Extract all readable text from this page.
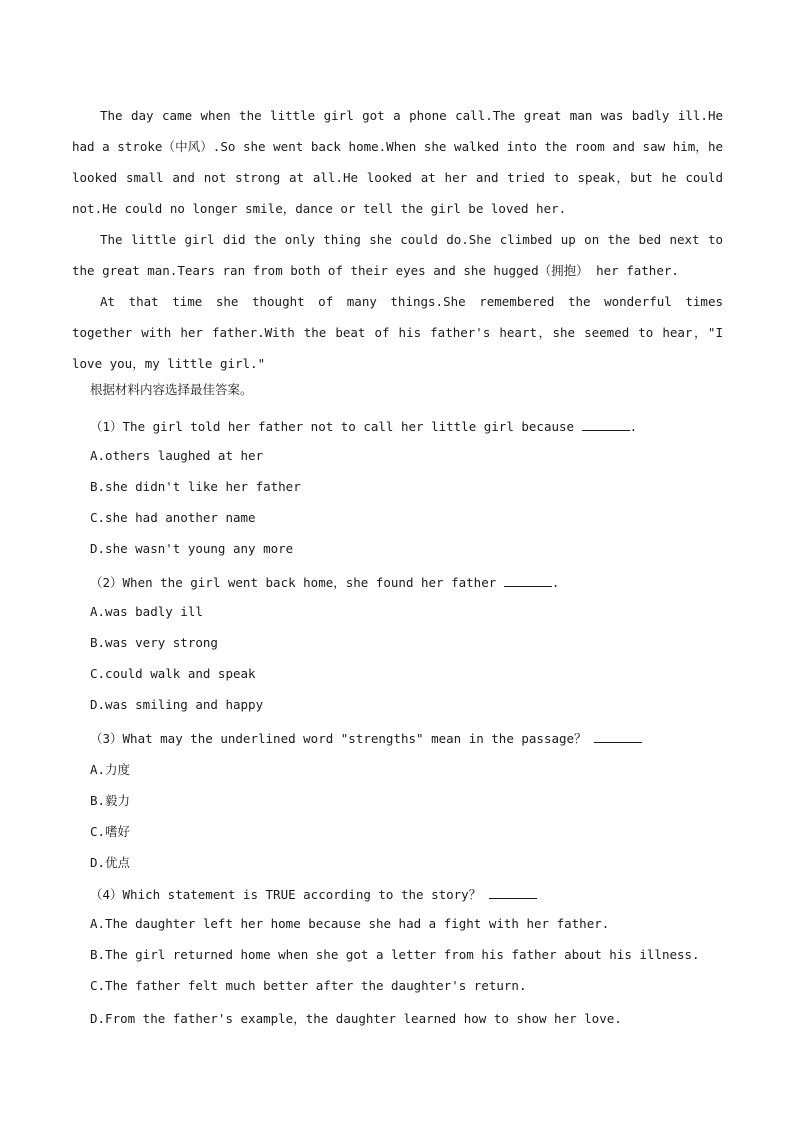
The day came when the little girl got a phone call.The great man was badly ill.He had a stroke（中风）.So she went back home.When she walked into the room and saw him，he looked small and not strong at all.He looked at her and tried to speak，but he could not.He could no longer smile，dance or tell the girl be loved her.

The little girl did the only thing she could do.She climbed up on the bed next to the great man.Tears ran from both of their eyes and she hugged（拥抱） her father.

At that time she thought of many things.She remembered the wonderful times together with her father.With the beat of his father's heart，she seemed to hear，"I love you，my little girl."

根据材料内容选择最佳答案。
（1）The girl told her father not to call her little girl because	.
A.others laughed at her
B.she didn't like her father
C.she had another name
D.she wasn't young any more
（2）When the girl went back home，she found her father	.
A.was badly ill
B.was very strong
C.could walk and speak
D.was smiling and happy
（3）What may the underlined word "strengths" mean in the passage？
A.力度
B.毅力
C.嗜好
D.优点
（4）Which statement is TRUE according to the story？
A.The daughter left her home because she had a fight with her father.
B.The girl returned home when she got a letter from his father about his illness.
C.The father felt much better after the daughter's return.
D.From the father's example，the daughter learned how to show her love.
